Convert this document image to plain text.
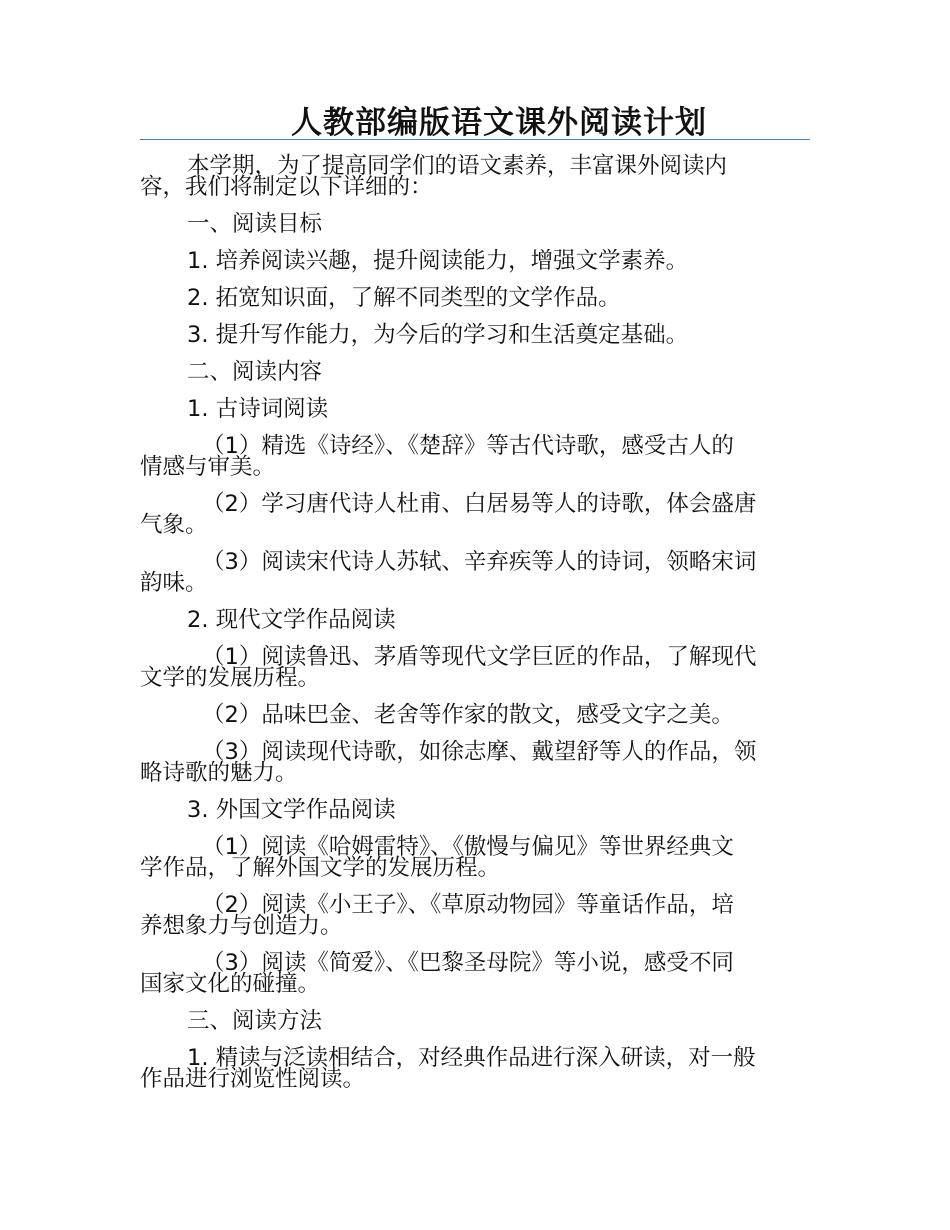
人教部编版语文课外阅读计划
本学期，为了提高同学们的语文素养，丰富课外阅读内
容，我们将制定以下详细的：
一、阅读目标
1. 培养阅读兴趣，提升阅读能力，增强文学素养。
2. 拓宽知识面，了解不同类型的文学作品。
3. 提升写作能力，为今后的学习和生活奠定基础。
二、阅读内容
1. 古诗词阅读
（1）精选《诗经》、《楚辞》等古代诗歌，感受古人的
情感与审美。
（2）学习唐代诗人杜甫、白居易等人的诗歌，体会盛唐
气象。
（3）阅读宋代诗人苏轼、辛弃疾等人的诗词，领略宋词
韵味。
2. 现代文学作品阅读
（1）阅读鲁迅、茅盾等现代文学巨匠的作品，了解现代
文学的发展历程。
（2）品味巴金、老舍等作家的散文，感受文字之美。
（3）阅读现代诗歌，如徐志摩、戴望舒等人的作品，领
略诗歌的魅力。
3. 外国文学作品阅读
（1）阅读《哈姆雷特》、《傲慢与偏见》等世界经典文
学作品，了解外国文学的发展历程。
（2）阅读《小王子》、《草原动物园》等童话作品，培
养想象力与创造力。
（3）阅读《简爱》、《巴黎圣母院》等小说，感受不同
国家文化的碰撞。
三、阅读方法
1. 精读与泛读相结合，对经典作品进行深入研读，对一般
作品进行浏览性阅读。
